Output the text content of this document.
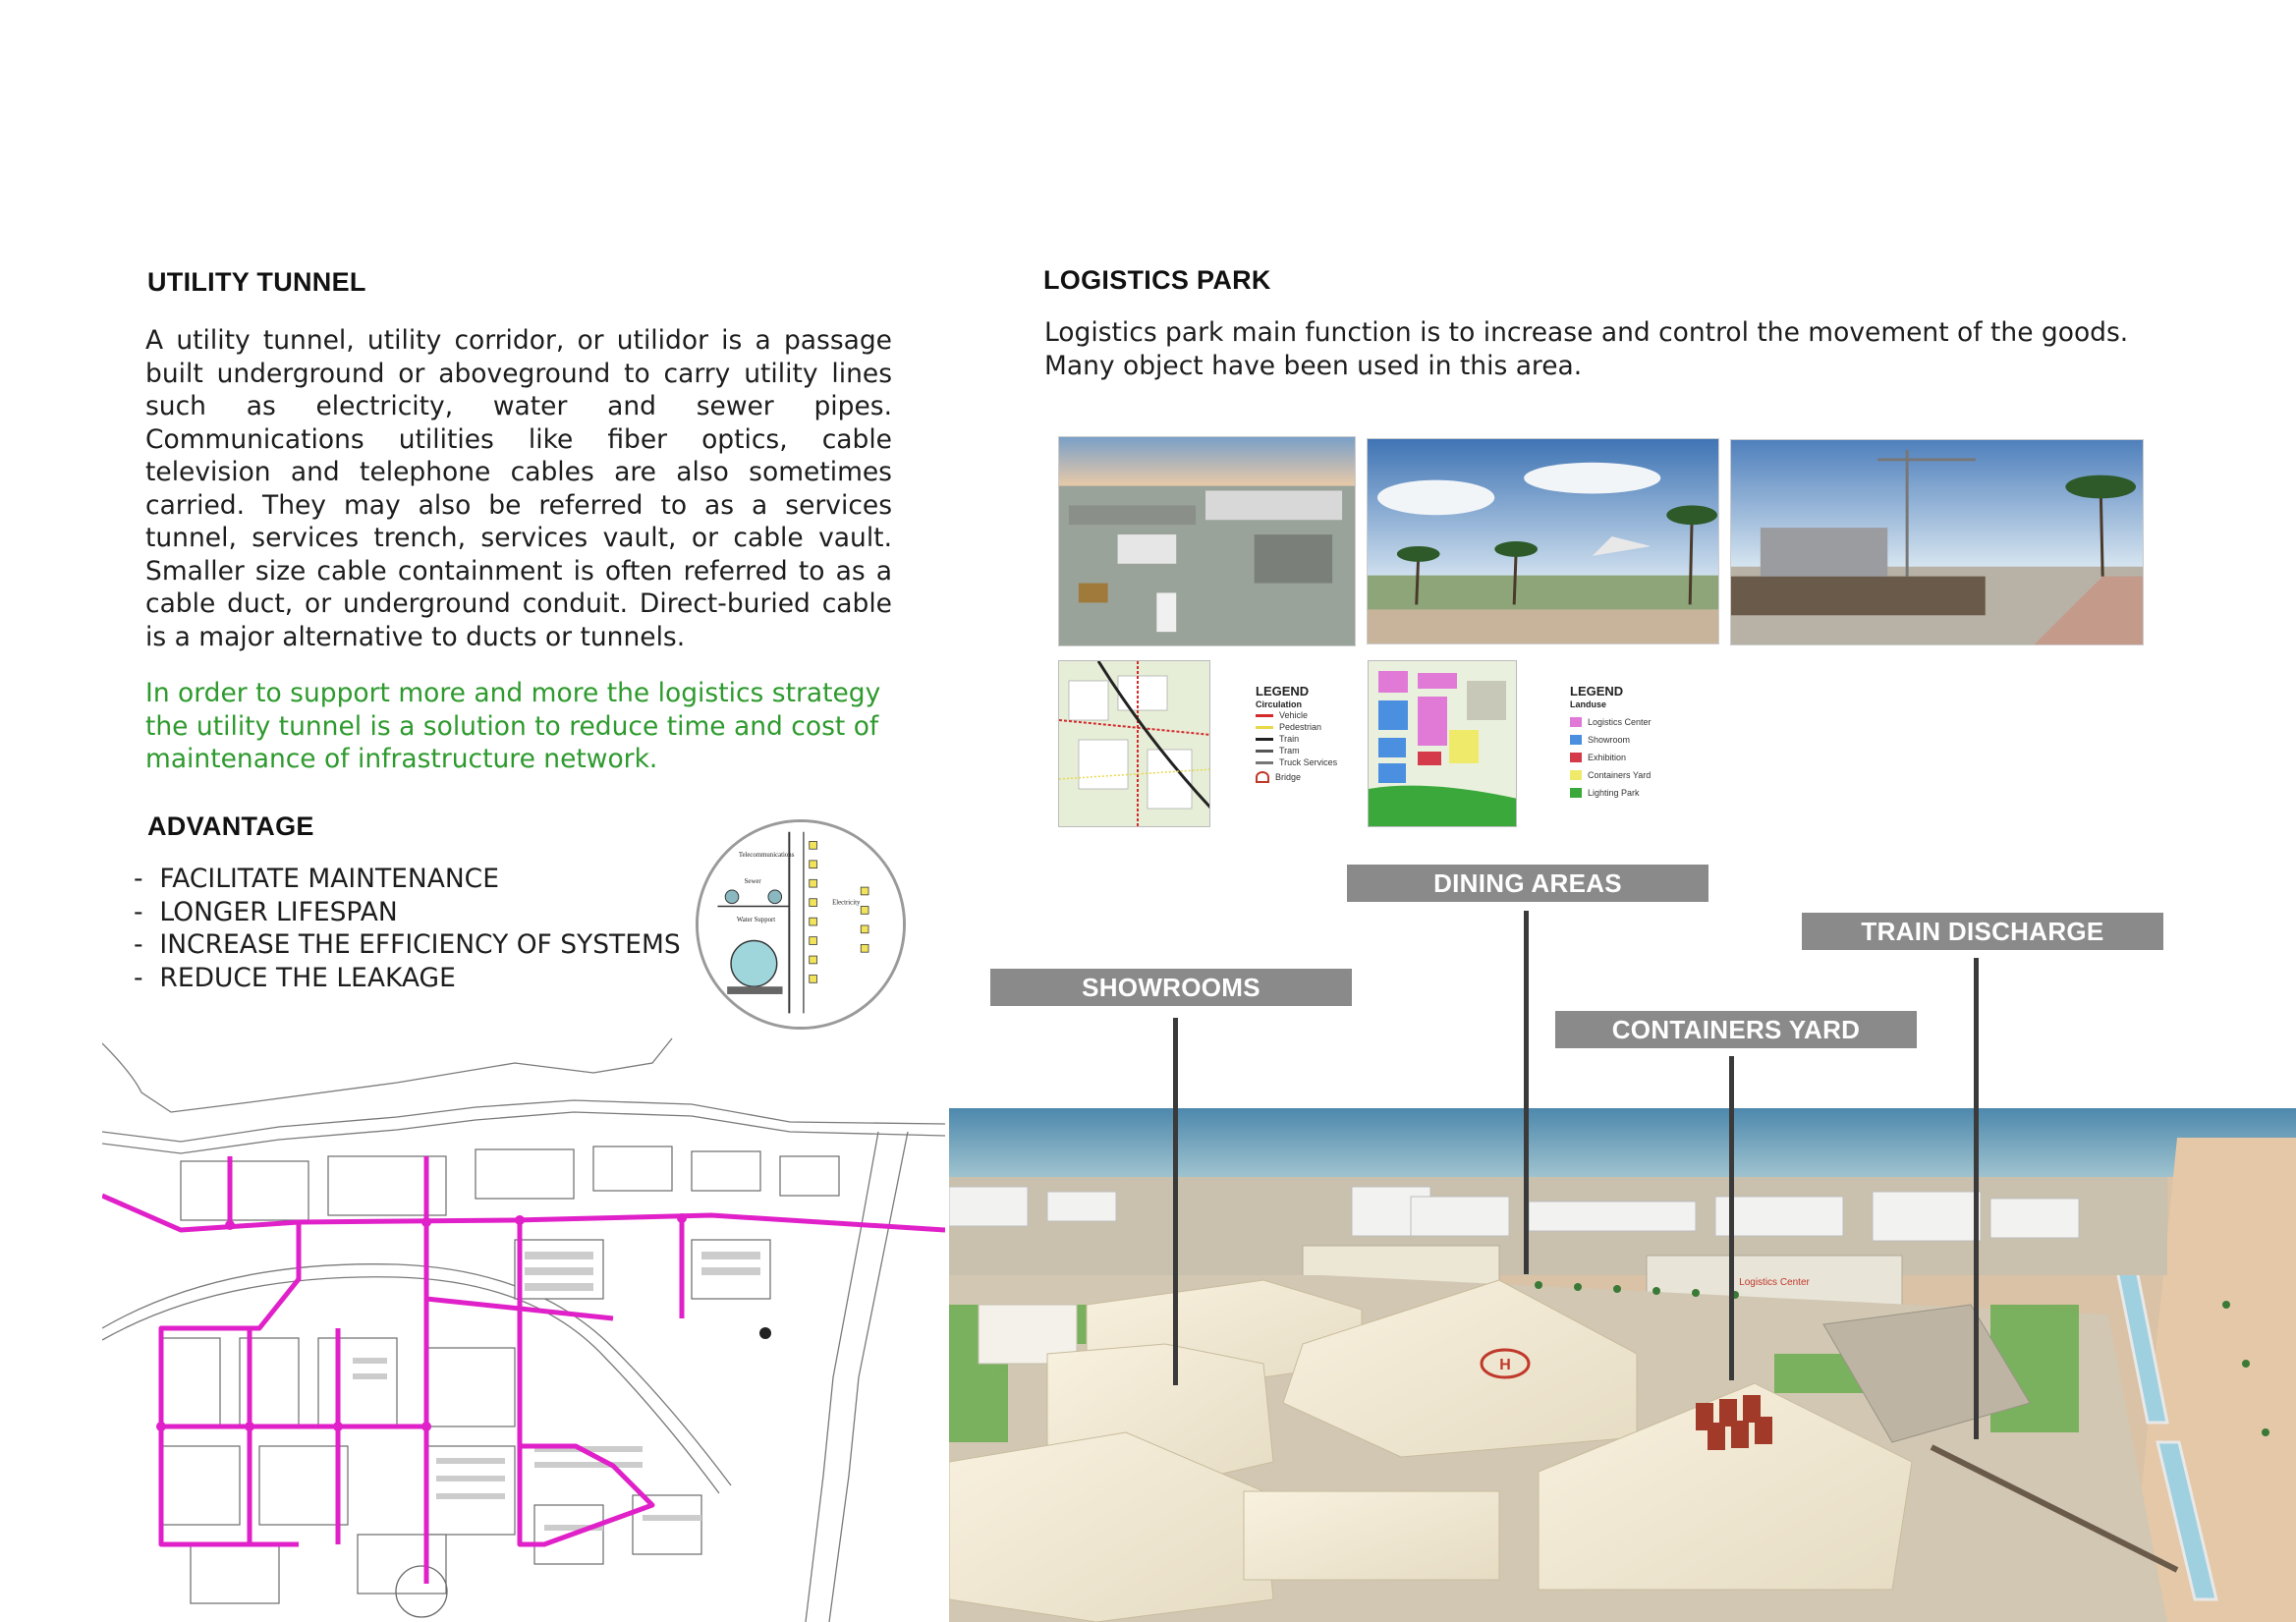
UTILITY TUNNEL

A utility tunnel, utility corridor, or utilidor is a passage built underground or aboveground to carry utility lines such as electricity, water and sewer pipes. Communications utilities like fiber optics, cable television and telephone cables are also sometimes carried. They may also be referred to as a services tunnel, services trench, services vault, or cable vault. Smaller size cable containment is often referred to as a cable duct, or underground conduit. Direct-buried cable is a major alternative to ducts or tunnels.

In order to support more and more the logistics strategy the utility tunnel is a solution to reduce time and cost of maintenance of infrastructure network.

ADVANTAGE
-  FACILITATE MAINTENANCE
-  LONGER LIFESPAN
-  INCREASE THE EFFICIENCY OF SYSTEMS
-  REDUCE THE LEAKAGE
Telecommunications
Sewer
Electricity
Water Support
LOGISTICS PARK

Logistics park main function is to increase and control the movement of the goods. Many object have been used in this area.

LEGEND
Circulation
Vehicle
Pedestrian
Train
Tram
Truck Services
Bridge
LEGEND
Landuse
Logistics Center
Showroom
Exhibition
Containers Yard
Lighting Park
Logistics Center
H
DINING AREAS
TRAIN DISCHARGE
SHOWROOMS
CONTAINERS YARD
